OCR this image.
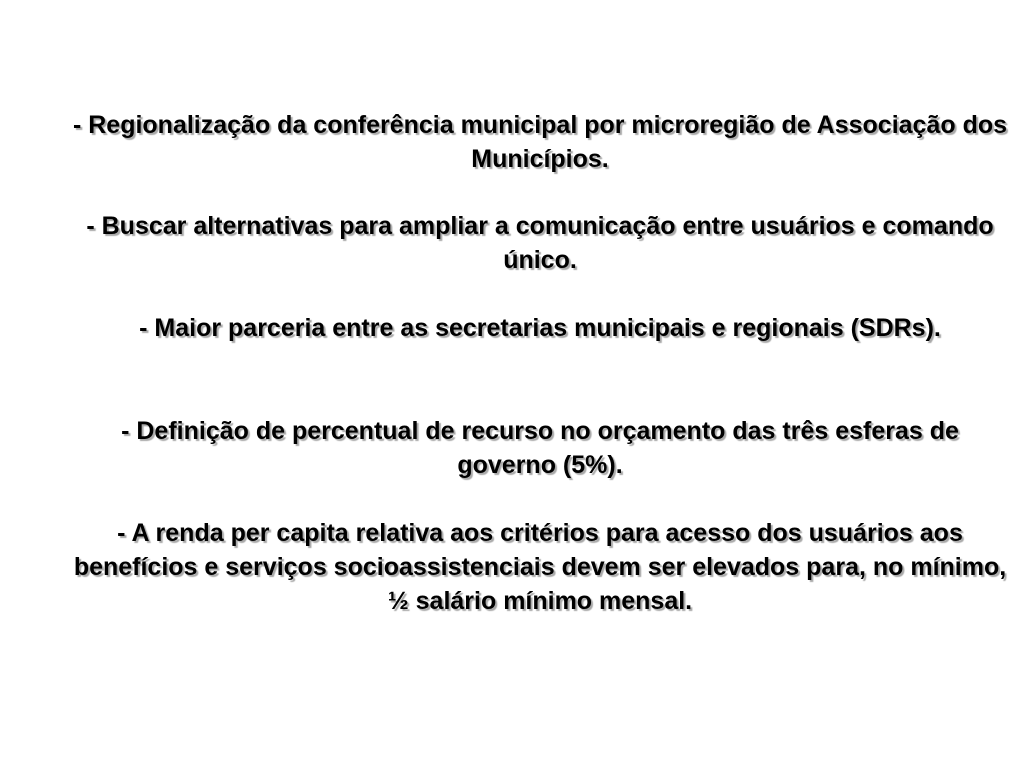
- Regionalização da conferência municipal por microregião de Associação dos Municípios.

- Buscar alternativas para ampliar a comunicação entre usuários e comando único.

- Maior parceria entre as secretarias municipais e regionais (SDRs).

- Definição de percentual de recurso no orçamento das três esferas de governo (5%).

- A renda per capita relativa aos critérios para acesso dos usuários aos benefícios e serviços socioassistenciais devem ser elevados para, no mínimo, ½ salário mínimo mensal.
